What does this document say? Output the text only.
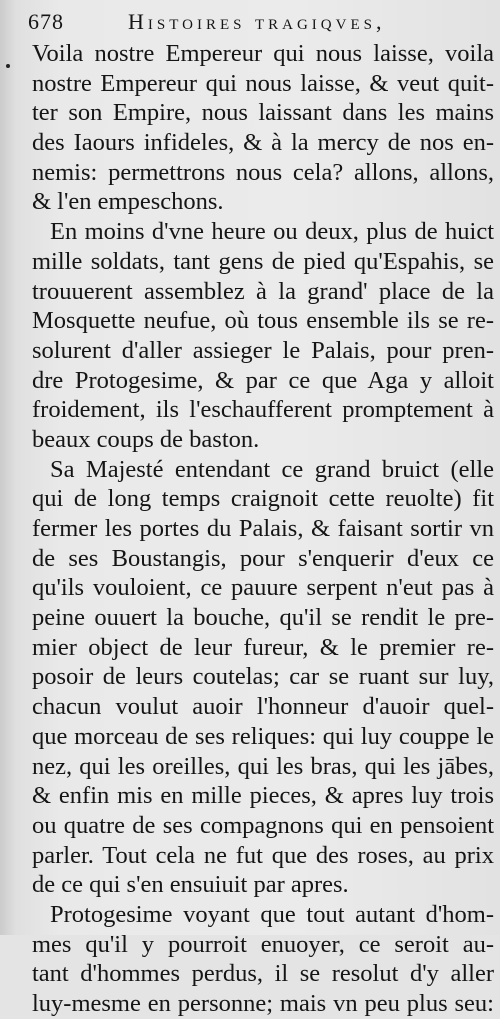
678	Histoires tragiqves,
Voila nostre Empereur qui nous laisse, voila
nostre Empereur qui nous laisse, & veut quit-
ter son Empire, nous laissant dans les mains
des Iaours infideles, & à la mercy de nos en-
nemis: permettrons nous cela? allons, allons,
& l'en empeschons.
En moins d'vne heure ou deux, plus de huict
mille soldats, tant gens de pied qu'Espahis, se
trouuerent assemblez à la grand' place de la
Mosquette neufue, où tous ensemble ils se re-
solurent d'aller assieger le Palais, pour pren-
dre Protogesime, & par ce que Aga y alloit
froidement, ils l'eschaufferent promptement à
beaux coups de baston.
Sa Majesté entendant ce grand bruict (elle
qui de long temps craignoit cette reuolte) fit
fermer les portes du Palais, & faisant sortir vn
de ses Boustangis, pour s'enquerir d'eux ce
qu'ils vouloient, ce pauure serpent n'eut pas à
peine ouuert la bouche, qu'il se rendit le pre-
mier object de leur fureur, & le premier re-
posoir de leurs coutelas; car se ruant sur luy,
chacun voulut auoir l'honneur d'auoir quel-
que morceau de ses reliques: qui luy couppe le
nez, qui les oreilles, qui les bras, qui les jābes,
& enfin mis en mille pieces, & apres luy trois
ou quatre de ses compagnons qui en pensoient
parler. Tout cela ne fut que des roses, au prix
de ce qui s'en ensuiuit par apres.
Protogesime voyant que tout autant d'hom-
mes qu'il y pourroit enuoyer, ce seroit au-
tant d'hommes perdus, il se resolut d'y aller
luy-mesme en personne; mais vn peu plus seu:
